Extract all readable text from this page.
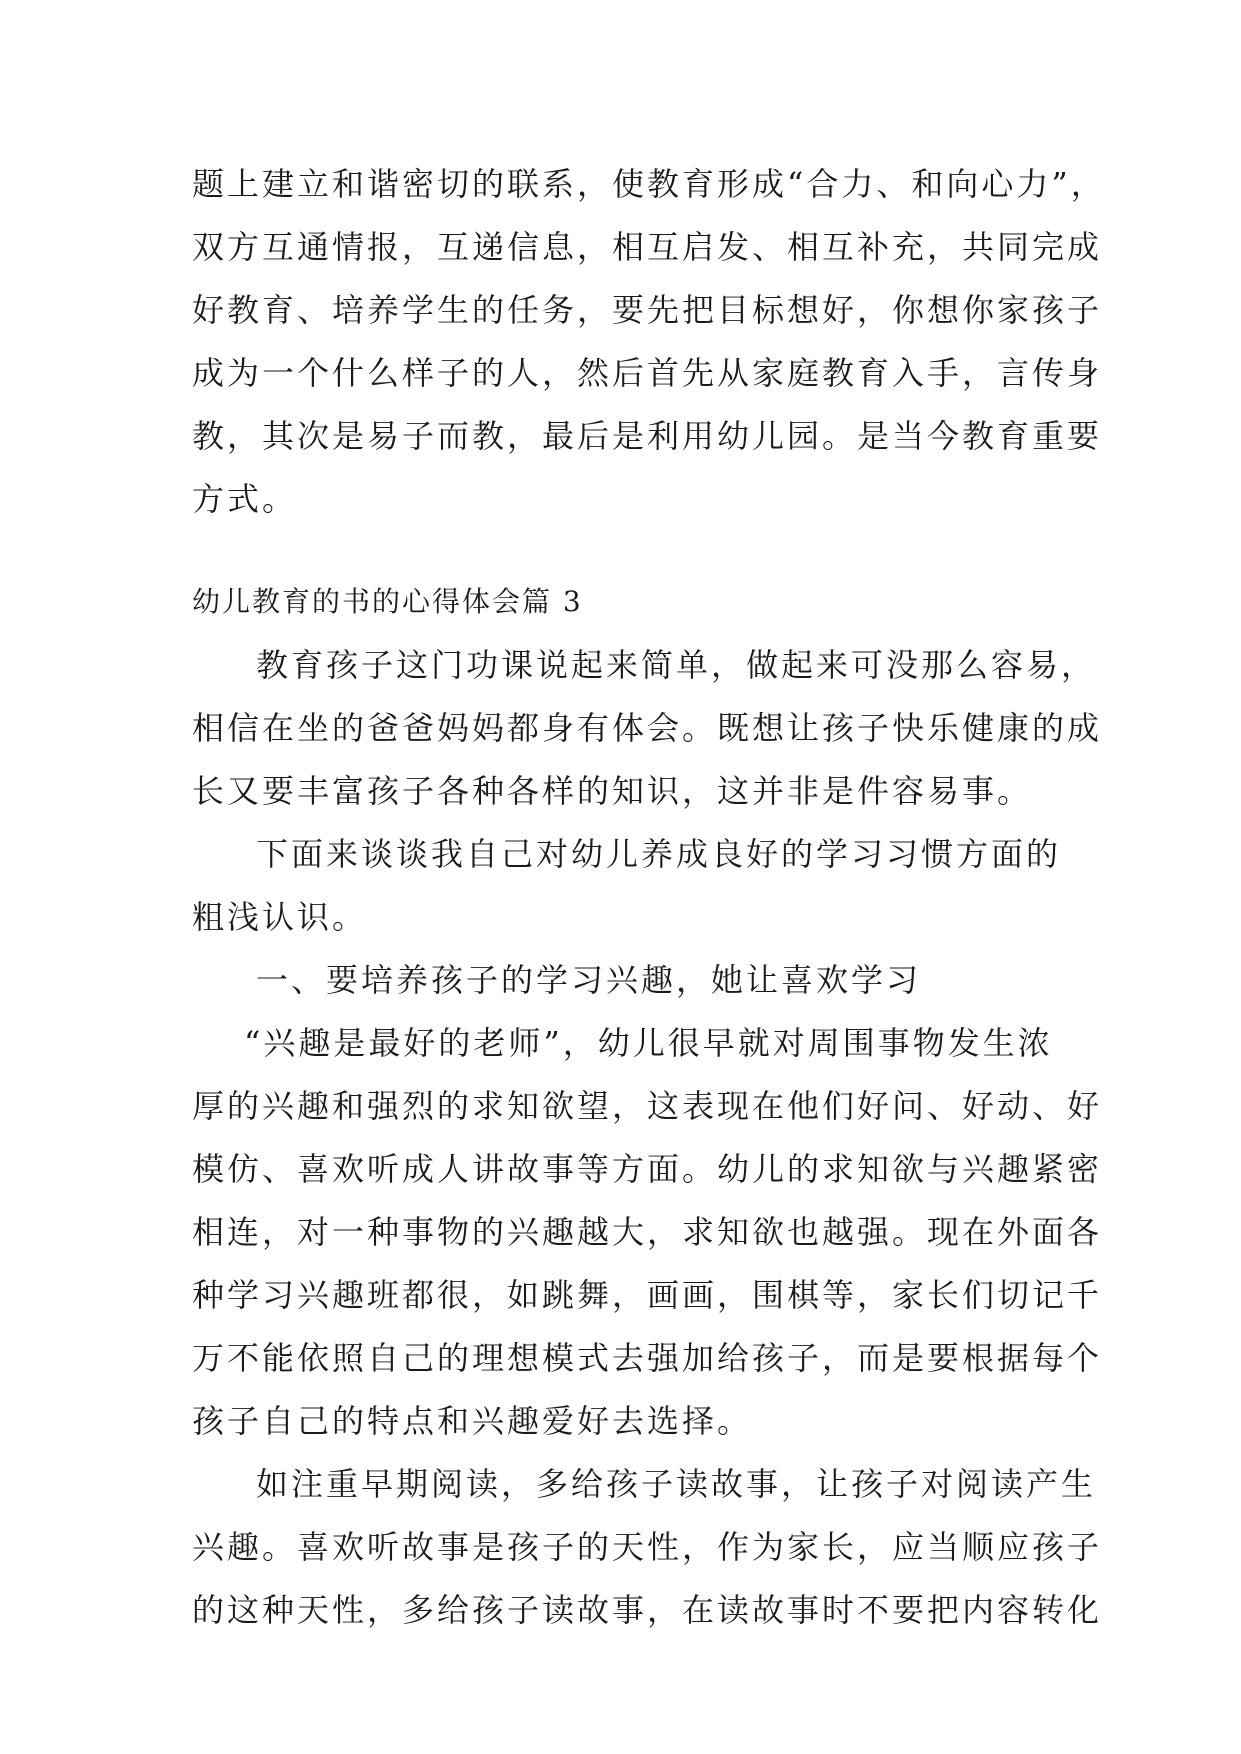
题上建立和谐密切的联系，使教育形成“合力、和向心力”，
双方互通情报，互递信息，相互启发、相互补充，共同完成
好教育、培养学生的任务，要先把目标想好，你想你家孩子
成为一个什么样子的人，然后首先从家庭教育入手，言传身
教，其次是易子而教，最后是利用幼儿园。是当今教育重要
方式。
幼儿教育的书的心得体会篇 3
教育孩子这门功课说起来简单，做起来可没那么容易，
相信在坐的爸爸妈妈都身有体会。既想让孩子快乐健康的成
长又要丰富孩子各种各样的知识，这并非是件容易事。
下面来谈谈我自己对幼儿养成良好的学习习惯方面的
粗浅认识。
一、要培养孩子的学习兴趣，她让喜欢学习
“兴趣是最好的老师”，幼儿很早就对周围事物发生浓
厚的兴趣和强烈的求知欲望，这表现在他们好问、好动、好
模仿、喜欢听成人讲故事等方面。幼儿的求知欲与兴趣紧密
相连，对一种事物的兴趣越大，求知欲也越强。现在外面各
种学习兴趣班都很，如跳舞，画画，围棋等，家长们切记千
万不能依照自己的理想模式去强加给孩子，而是要根据每个
孩子自己的特点和兴趣爱好去选择。
如注重早期阅读，多给孩子读故事，让孩子对阅读产生
兴趣。喜欢听故事是孩子的天性，作为家长，应当顺应孩子
的这种天性，多给孩子读故事，在读故事时不要把内容转化
